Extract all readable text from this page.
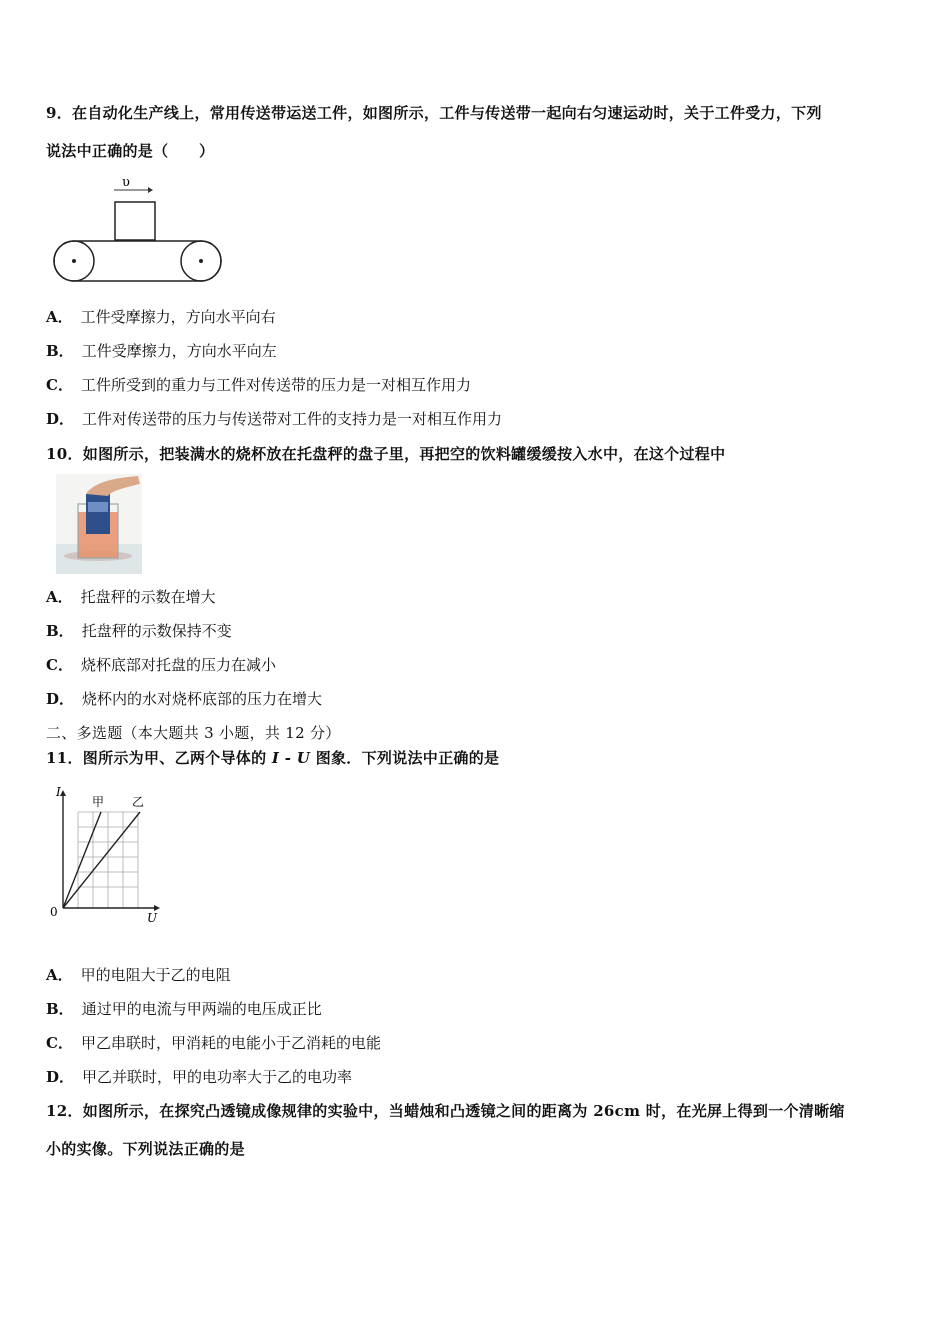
9．在自动化生产线上，常用传送带运送工件，如图所示，工件与传送带一起向右匀速运动时，关于工件受力，下列
说法中正确的是（　　）
υ
A． 工件受摩擦力，方向水平向右
B． 工件受摩擦力，方向水平向左
C． 工件所受到的重力与工件对传送带的压力是一对相互作用力
D． 工件对传送带的压力与传送带对工件的支持力是一对相互作用力
10．如图所示，把装满水的烧杯放在托盘秤的盘子里，再把空的饮料罐缓缓按入水中，在这个过程中
A． 托盘秤的示数在增大
B． 托盘秤的示数保持不变
C． 烧杯底部对托盘的压力在减小
D． 烧杯内的水对烧杯底部的压力在增大
二、多选题（本大题共 3 小题，共 12 分）
11．图所示为甲、乙两个导体的 I - U 图象．下列说法中正确的是
I
U
0
甲 乙
A． 甲的电阻大于乙的电阻
B． 通过甲的电流与甲两端的电压成正比
C． 甲乙串联时，甲消耗的电能小于乙消耗的电能
D． 甲乙并联时，甲的电功率大于乙的电功率
12．如图所示，在探究凸透镜成像规律的实验中，当蜡烛和凸透镜之间的距离为 26cm 时，在光屏上得到一个清晰缩
小的实像。下列说法正确的是
